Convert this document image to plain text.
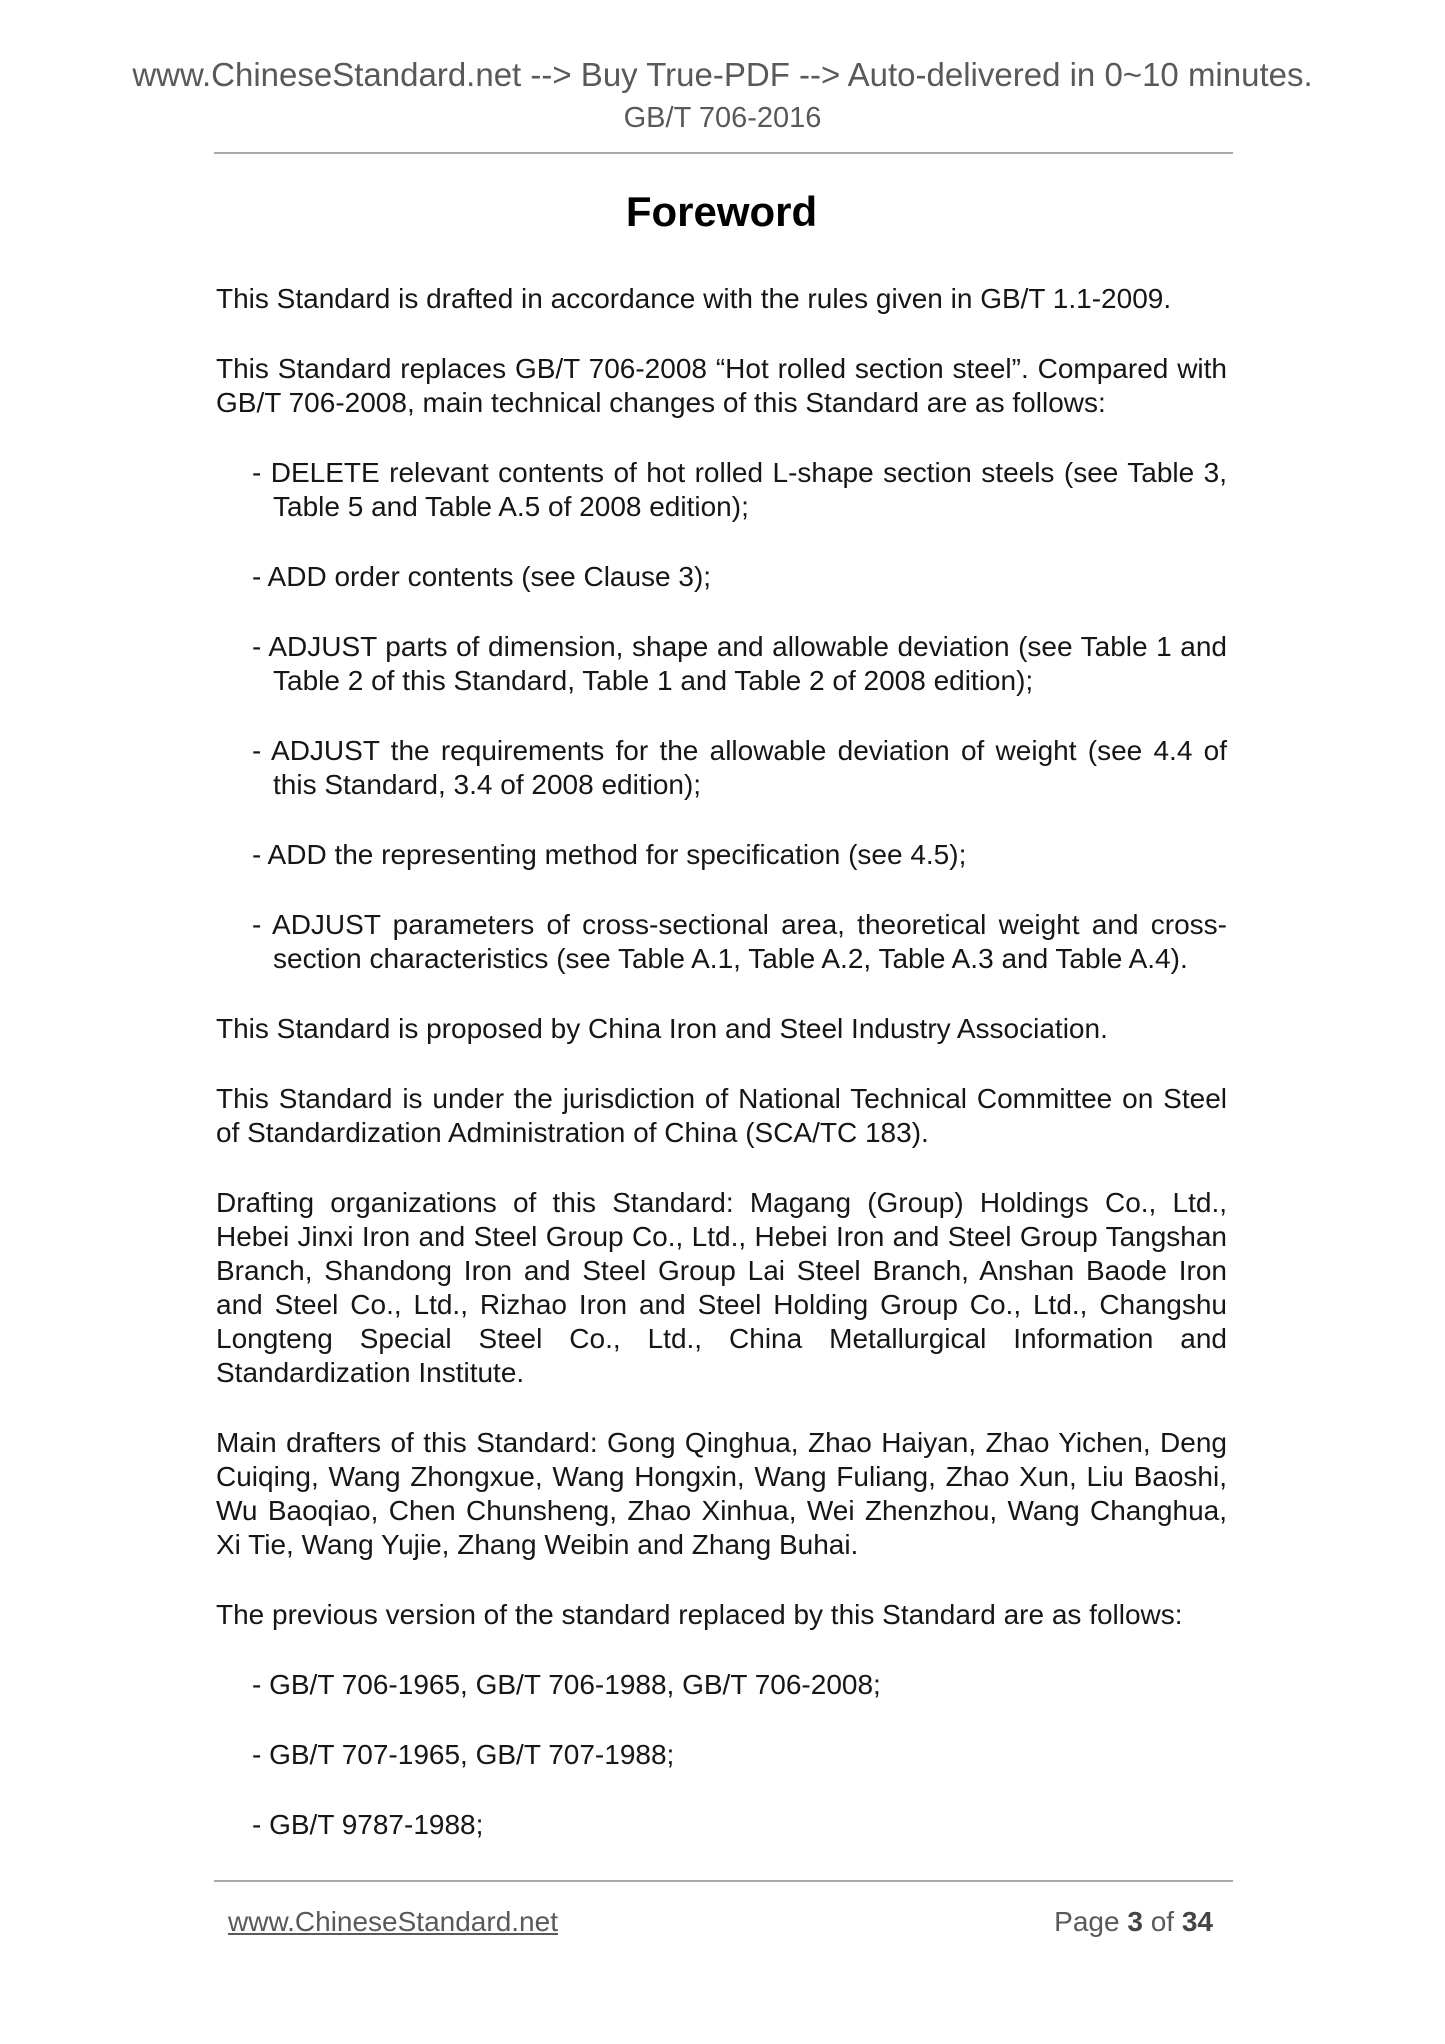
www.ChineseStandard.net --> Buy True-PDF --> Auto-delivered in 0~10 minutes.
GB/T 706-2016
Foreword
This Standard is drafted in accordance with the rules given in GB/T 1.1-2009.
This Standard replaces GB/T 706-2008 “Hot rolled section steel”. Compared with GB/T 706-2008, main technical changes of this Standard are as follows:
- DELETE relevant contents of hot rolled L-shape section steels (see Table 3, Table 5 and Table A.5 of 2008 edition);
- ADD order contents (see Clause 3);
- ADJUST parts of dimension, shape and allowable deviation (see Table 1 and Table 2 of this Standard, Table 1 and Table 2 of 2008 edition);
- ADJUST the requirements for the allowable deviation of weight (see 4.4 of this Standard, 3.4 of 2008 edition);
- ADD the representing method for specification (see 4.5);
- ADJUST parameters of cross-sectional area, theoretical weight and cross-section characteristics (see Table A.1, Table A.2, Table A.3 and Table A.4).
This Standard is proposed by China Iron and Steel Industry Association.
This Standard is under the jurisdiction of National Technical Committee on Steel of Standardization Administration of China (SCA/TC 183).
Drafting organizations of this Standard: Magang (Group) Holdings Co., Ltd., Hebei Jinxi Iron and Steel Group Co., Ltd., Hebei Iron and Steel Group Tangshan Branch, Shandong Iron and Steel Group Lai Steel Branch, Anshan Baode Iron and Steel Co., Ltd., Rizhao Iron and Steel Holding Group Co., Ltd., Changshu Longteng Special Steel Co., Ltd., China Metallurgical Information and Standardization Institute.
Main drafters of this Standard: Gong Qinghua, Zhao Haiyan, Zhao Yichen, Deng Cuiqing, Wang Zhongxue, Wang Hongxin, Wang Fuliang, Zhao Xun, Liu Baoshi, Wu Baoqiao, Chen Chunsheng, Zhao Xinhua, Wei Zhenzhou, Wang Changhua, Xi Tie, Wang Yujie, Zhang Weibin and Zhang Buhai.
The previous version of the standard replaced by this Standard are as follows:
- GB/T 706-1965, GB/T 706-1988, GB/T 706-2008;
- GB/T 707-1965, GB/T 707-1988;
- GB/T 9787-1988;
www.ChineseStandard.net	Page 3 of 34
